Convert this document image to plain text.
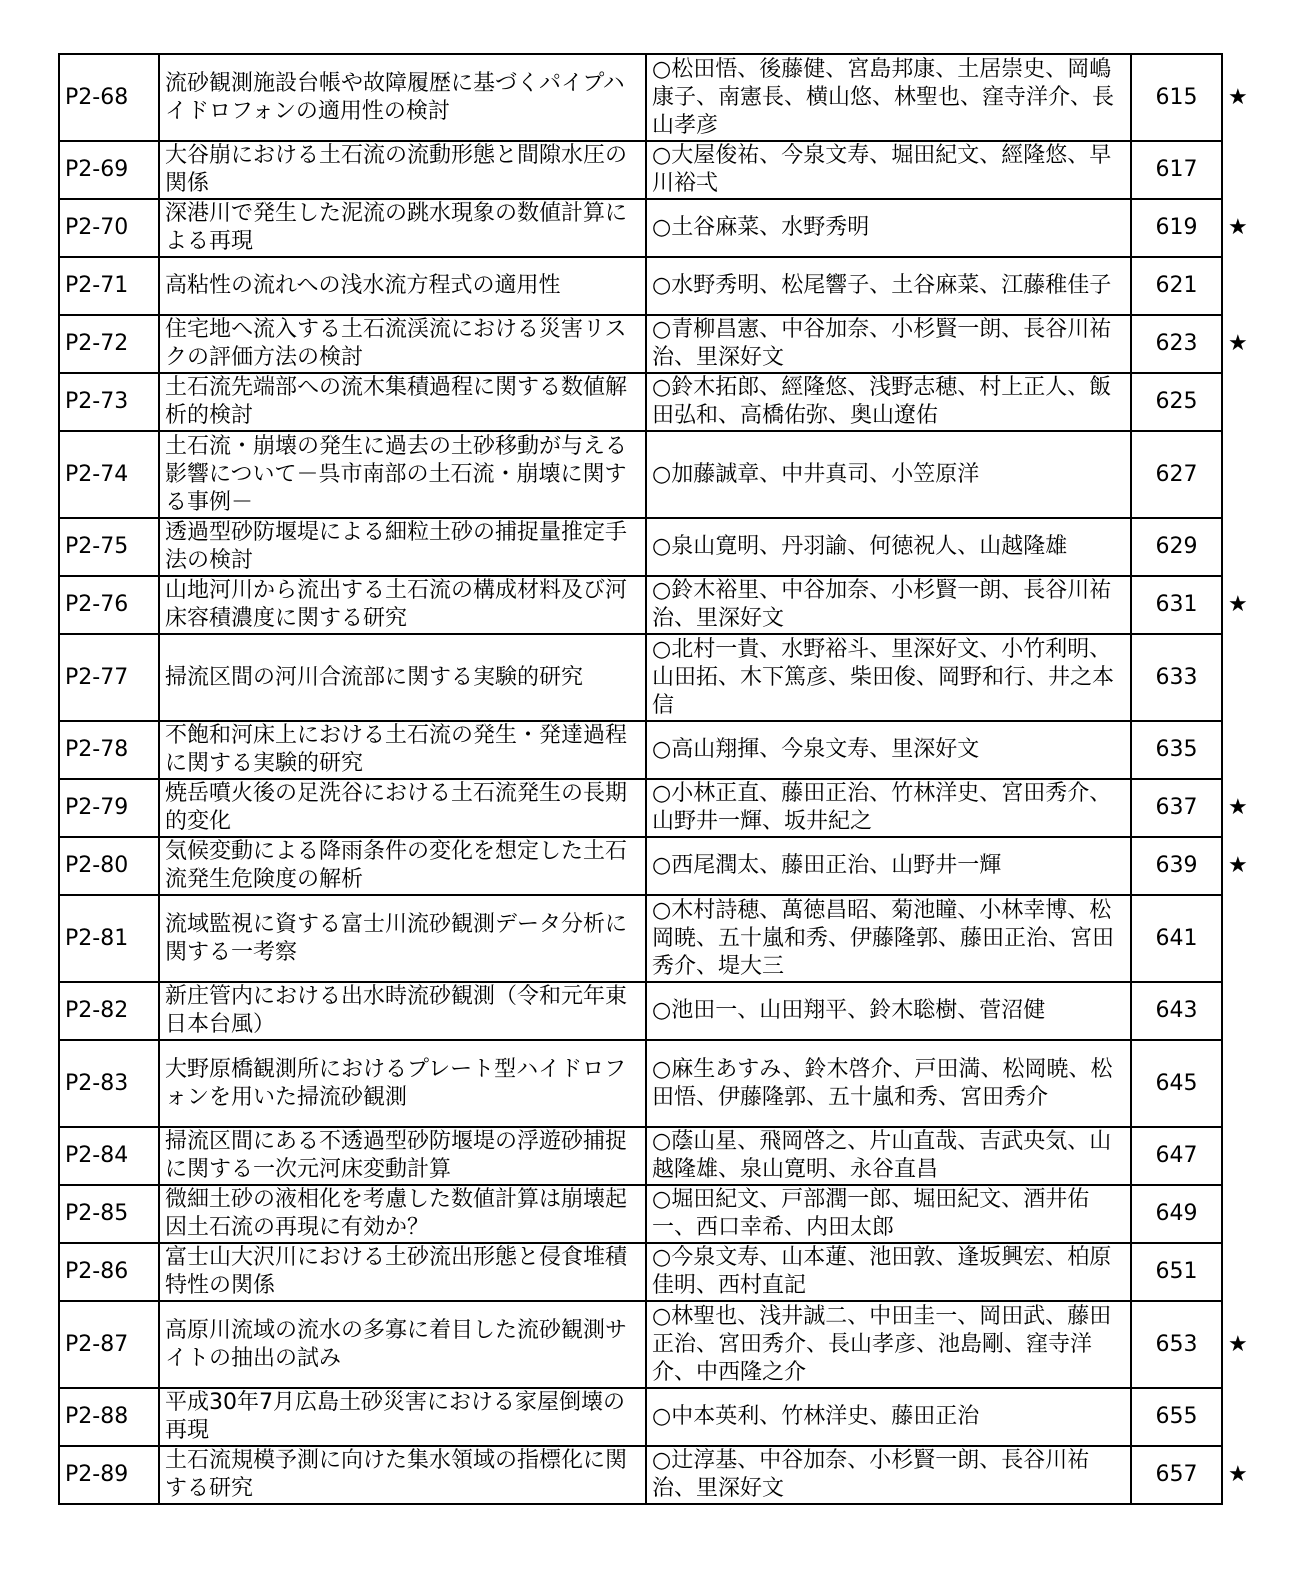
P2-68	流砂観測施設台帳や故障履歴に基づくパイプハイドロフォンの適用性の検討	○松田悟、後藤健、宮島邦康、土居崇史、岡嶋康子、南憲長、横山悠、林聖也、窪寺洋介、長山孝彦	615	★

P2-69	大谷崩における土石流の流動形態と間隙水圧の関係	○大屋俊祐、今泉文寿、堀田紀文、經隆悠、早川裕弌	617	

P2-70	深港川で発生した泥流の跳水現象の数値計算による再現	○土谷麻菜、水野秀明	619	★

P2-71	高粘性の流れへの浅水流方程式の適用性	○水野秀明、松尾響子、土谷麻菜、江藤稚佳子	621	

P2-72	住宅地へ流入する土石流渓流における災害リスクの評価方法の検討	○青柳昌憲、中谷加奈、小杉賢一朗、長谷川祐治、里深好文	623	★

P2-73	土石流先端部への流木集積過程に関する数値解析的検討	○鈴木拓郎、經隆悠、浅野志穂、村上正人、飯田弘和、高橋佑弥、奥山遼佑	625	

P2-74	土石流・崩壊の発生に過去の土砂移動が与える影響について－呉市南部の土石流・崩壊に関する事例－	○加藤誠章、中井真司、小笠原洋	627	

P2-75	透過型砂防堰堤による細粒土砂の捕捉量推定手法の検討	○泉山寛明、丹羽諭、何徳祝人、山越隆雄	629	

P2-76	山地河川から流出する土石流の構成材料及び河床容積濃度に関する研究	○鈴木裕里、中谷加奈、小杉賢一朗、長谷川祐治、里深好文	631	★

P2-77	掃流区間の河川合流部に関する実験的研究	○北村一貴、水野裕斗、里深好文、小竹利明、山田拓、木下篤彦、柴田俊、岡野和行、井之本信	633	

P2-78	不飽和河床上における土石流の発生・発達過程に関する実験的研究	○高山翔揮、今泉文寿、里深好文	635	

P2-79	焼岳噴火後の足洗谷における土石流発生の長期的変化	○小林正直、藤田正治、竹林洋史、宮田秀介、山野井一輝、坂井紀之	637	★

P2-80	気候変動による降雨条件の変化を想定した土石流発生危険度の解析	○西尾潤太、藤田正治、山野井一輝	639	★

P2-81	流域監視に資する富士川流砂観測データ分析に関する一考察	○木村詩穂、萬徳昌昭、菊池瞳、小林幸博、松岡暁、五十嵐和秀、伊藤隆郭、藤田正治、宮田秀介、堤大三	641	

P2-82	新庄管内における出水時流砂観測（令和元年東日本台風）	○池田一、山田翔平、鈴木聡樹、菅沼健	643	

P2-83	大野原橋観測所におけるプレート型ハイドロフォンを用いた掃流砂観測	○麻生あすみ、鈴木啓介、戸田満、松岡暁、松田悟、伊藤隆郭、五十嵐和秀、宮田秀介	645	

P2-84	掃流区間にある不透過型砂防堰堤の浮遊砂捕捉に関する一次元河床変動計算	○蔭山星、飛岡啓之、片山直哉、吉武央気、山越隆雄、泉山寛明、永谷直昌	647	

P2-85	微細土砂の液相化を考慮した数値計算は崩壊起因土石流の再現に有効か？	○堀田紀文、戸部潤一郎、堀田紀文、酒井佑一、西口幸希、内田太郎	649	

P2-86	富士山大沢川における土砂流出形態と侵食堆積特性の関係	○今泉文寿、山本蓮、池田敦、逢坂興宏、柏原佳明、西村直記	651	

P2-87	高原川流域の流水の多寡に着目した流砂観測サイトの抽出の試み	○林聖也、浅井誠二、中田圭一、岡田武、藤田正治、宮田秀介、長山孝彦、池島剛、窪寺洋介、中西隆之介	653	★

P2-88	平成30年7月広島土砂災害における家屋倒壊の再現	○中本英利、竹林洋史、藤田正治	655	

P2-89	土石流規模予測に向けた集水領域の指標化に関する研究	○辻淳基、中谷加奈、小杉賢一朗、長谷川祐治、里深好文	657	★
